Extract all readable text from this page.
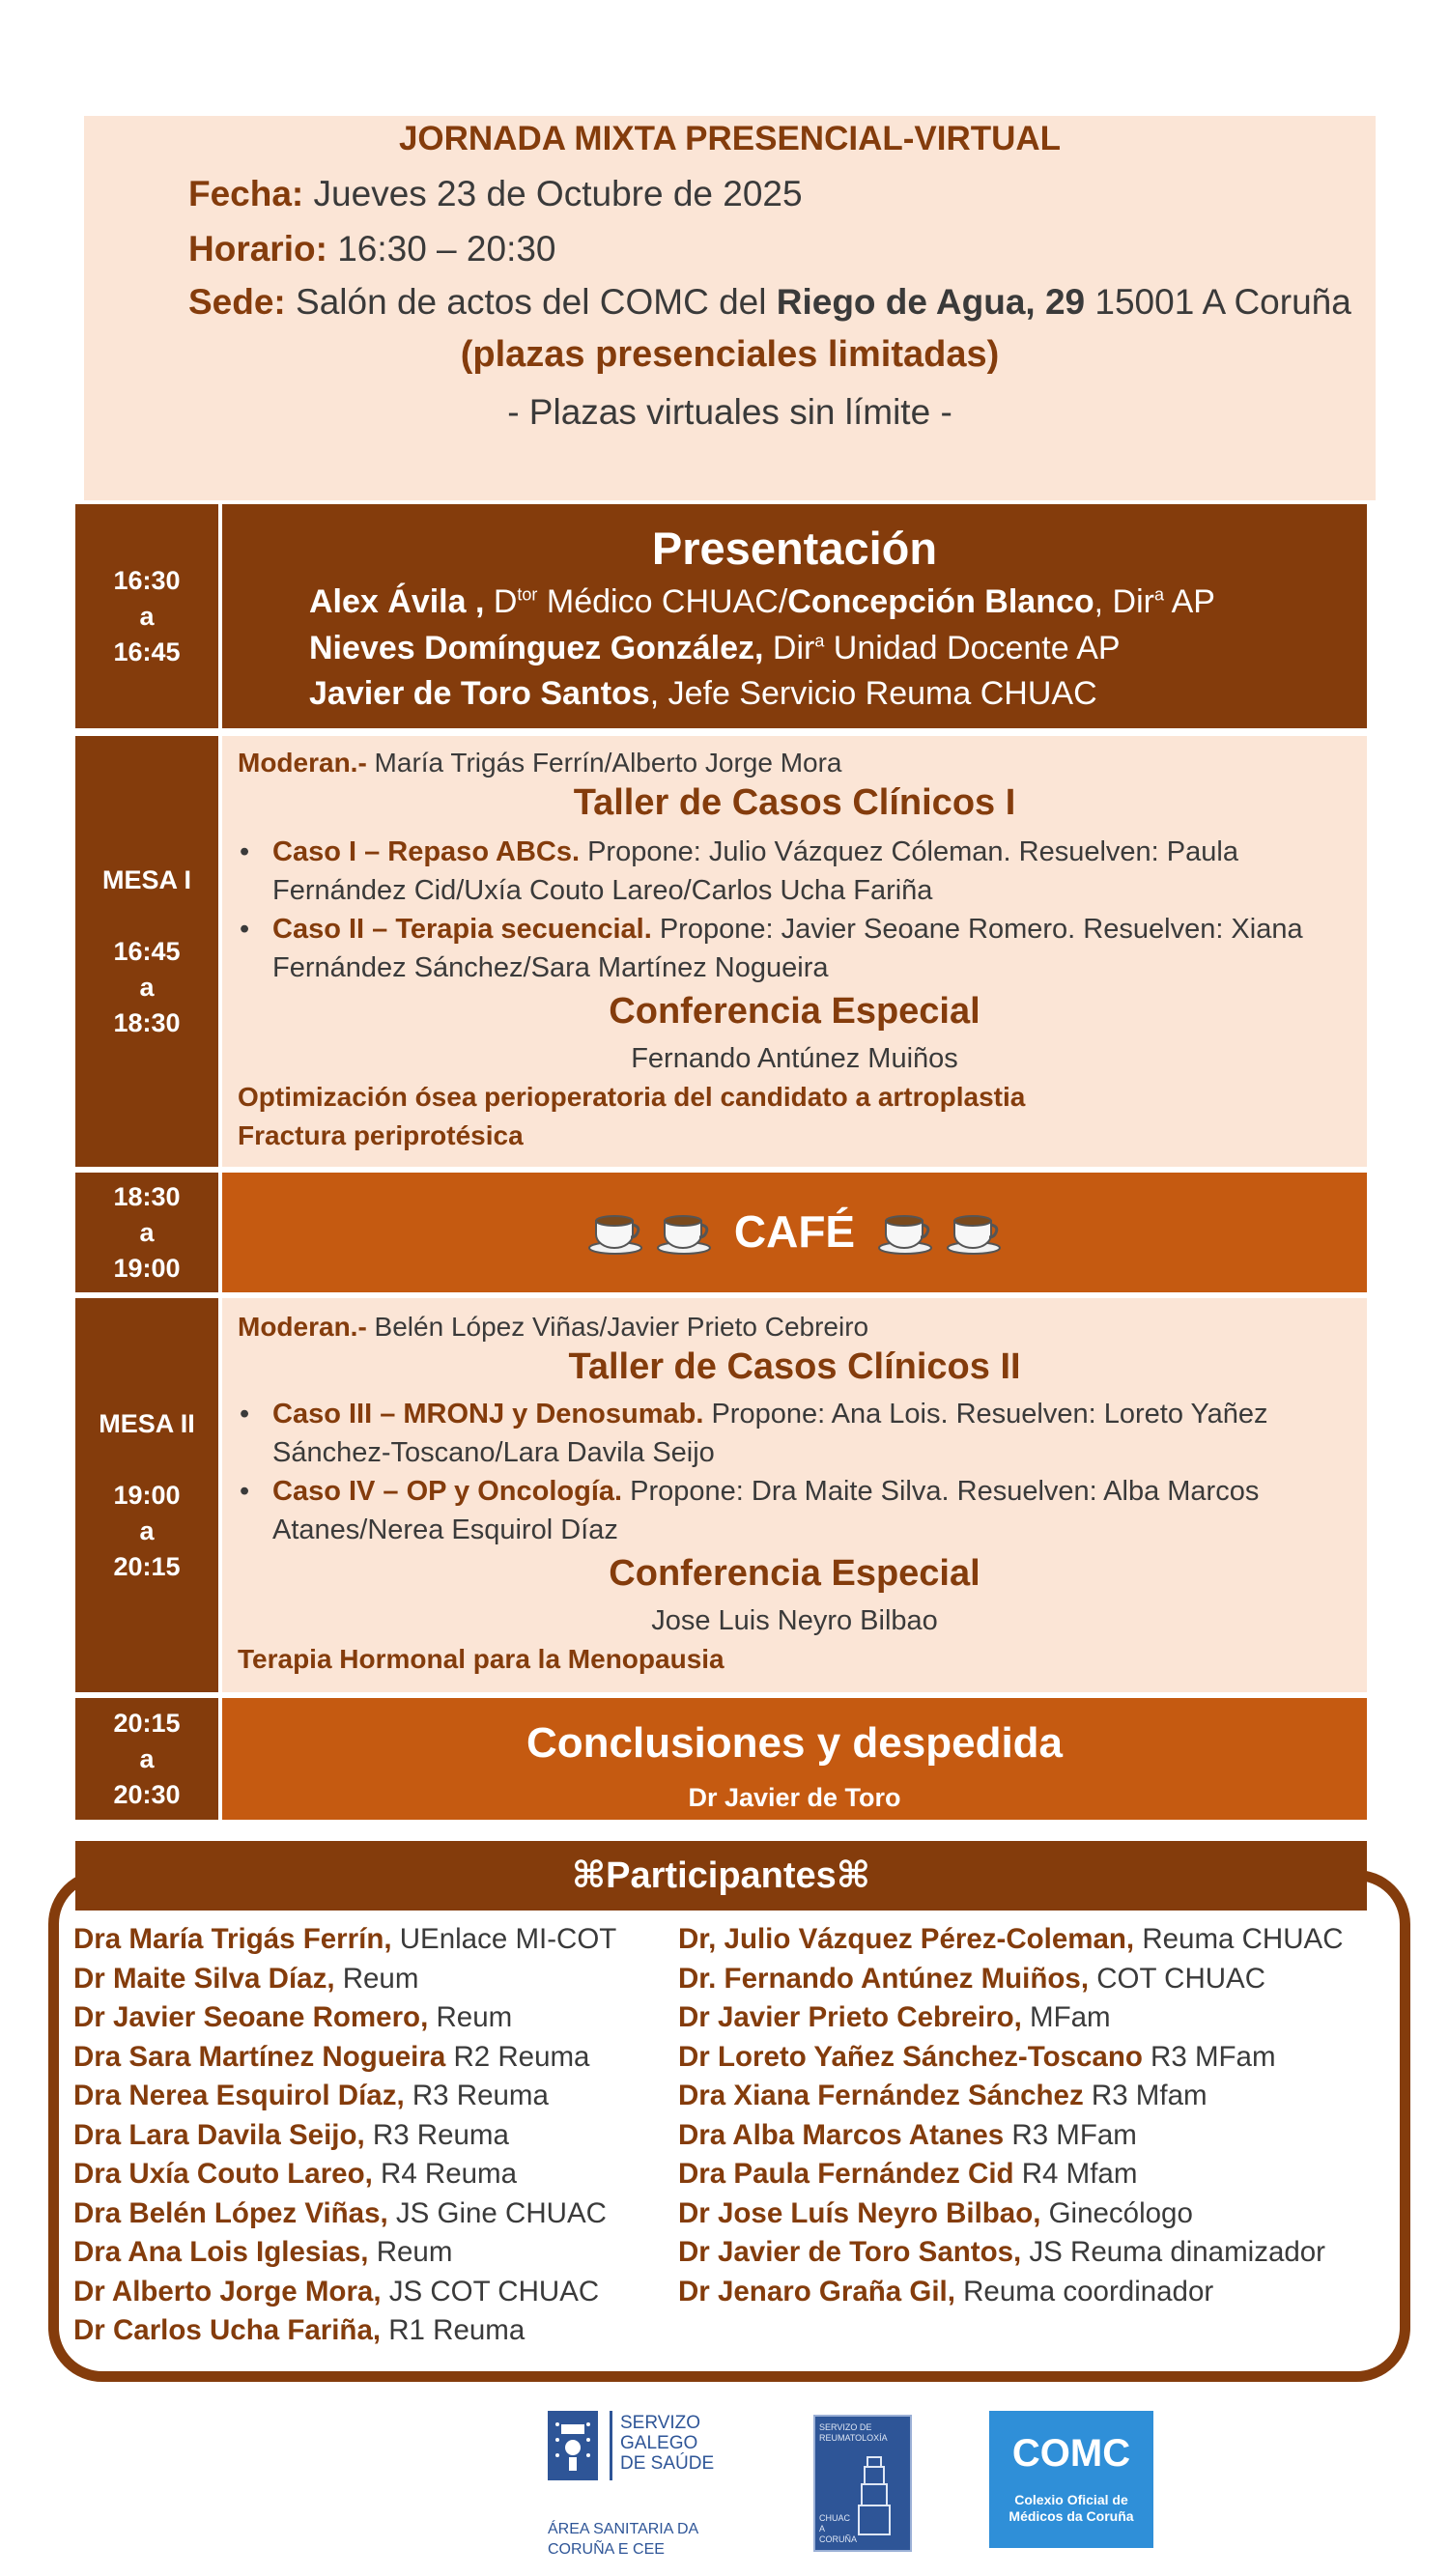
JORNADA MIXTA PRESENCIAL-VIRTUAL
Fecha: Jueves 23 de Octubre de 2025
Horario: 16:30 – 20:30
Sede: Salón de actos del COMC del Riego de Agua, 29 15001 A Coruña
(plazas presenciales limitadas)
- Plazas virtuales sin límite -
16:30
a
16:45
Presentación
Alex Ávila , $D^{tor}$ Médico CHUAC/Concepción Blanco, Dir$^a$ AP
Nieves Domínguez González, Dir$^a$ Unidad Docente AP
Javier de Toro Santos, Jefe Servicio Reuma CHUAC
MESA I
16:45
a
18:30
Moderan.- María Trigás Ferrín/Alberto Jorge Mora
Taller de Casos Clínicos I
• Caso I – Repaso ABCs. Propone: Julio Vázquez Cóleman. Resuelven: Paula Fernández Cid/Uxía Couto Lareo/Carlos Ucha Fariña
• Caso II – Terapia secuencial. Propone: Javier Seoane Romero. Resuelven: Xiana Fernández Sánchez/Sara Martínez Nogueira
Conferencia Especial
Fernando Antúnez Muiños
Optimización ósea perioperatoria del candidato a artroplastia
Fractura periprotésica
18:30
a
19:00
CAFÉ
MESA II
19:00
a
20:15
Moderan.- Belén López Viñas/Javier Prieto Cebreiro
Taller de Casos Clínicos II
• Caso III – MRONJ y Denosumab. Propone: Ana Lois. Resuelven: Loreto Yañez Sánchez-Toscano/Lara Davila Seijo
• Caso IV – OP y Oncología. Propone: Dra Maite Silva. Resuelven: Alba Marcos Atanes/Nerea Esquirol Díaz
Conferencia Especial
Jose Luis Neyro Bilbao
Terapia Hormonal para la Menopausia
20:15
a
20:30
Conclusiones y despedida
Dr Javier de Toro
⌘Participantes⌘
Dra María Trigás Ferrín, UEnlace MI-COT
Dr Maite Silva Díaz, Reum
Dr Javier Seoane Romero, Reum
Dra Sara Martínez Nogueira R2 Reuma
Dra Nerea Esquirol Díaz, R3 Reuma
Dra Lara Davila Seijo, R3 Reuma
Dra Uxía Couto Lareo, R4 Reuma
Dra Belén López Viñas, JS Gine CHUAC
Dra Ana Lois Iglesias, Reum
Dr Alberto Jorge Mora, JS COT CHUAC
Dr Carlos Ucha Fariña, R1 Reuma
Dr, Julio Vázquez Pérez-Coleman, Reuma CHUAC
Dr. Fernando Antúnez Muiños, COT CHUAC
Dr Javier Prieto Cebreiro, MFam
Dr Loreto Yañez Sánchez-Toscano R3 MFam
Dra Xiana Fernández Sánchez R3 Mfam
Dra Alba Marcos Atanes R3 MFam
Dra Paula Fernández Cid R4 Mfam
Dr Jose Luís Neyro Bilbao, Ginecólogo
Dr Javier de Toro Santos, JS Reuma dinamizador
Dr Jenaro Graña Gil, Reuma coordinador
SERVIZO
GALEGO
DE SAÚDE
ÁREA SANITARIA DA
CORUÑA E CEE
SERVIZO DE
REUMATOLOXÍA
CHUAC
A CORUÑA
COMC
Colexio Oficial de
Médicos da Coruña
